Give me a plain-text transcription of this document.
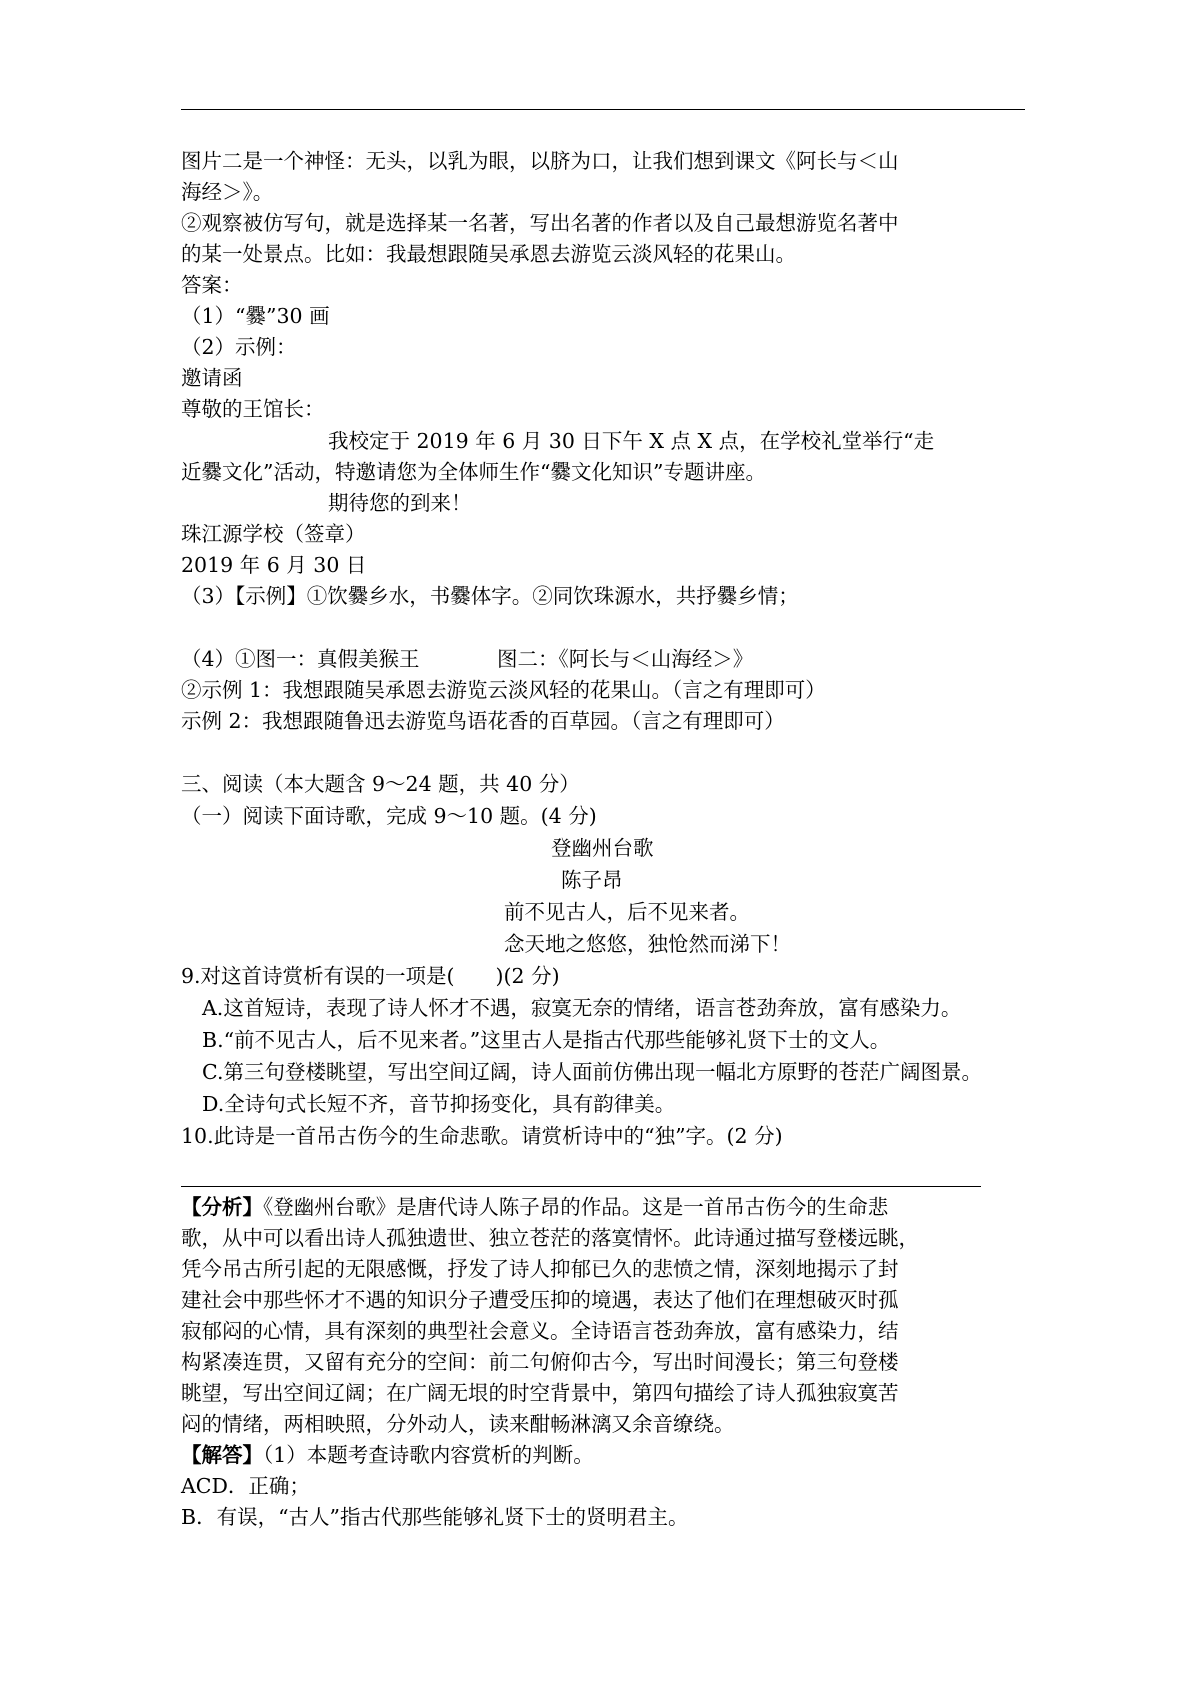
图片二是一个神怪：无头，以乳为眼，以脐为口，让我们想到课文《阿长与＜山
海经＞》。
②观察被仿写句，就是选择某一名著，写出名著的作者以及自己最想游览名著中
的某一处景点。比如：我最想跟随吴承恩去游览云淡风轻的花果山。
答案：
（1）“爨”30 画
（2）示例：
邀请函
尊敬的王馆长：
我校定于 2019 年 6 月 30 日下午 X 点 X 点，在学校礼堂举行“走
近爨文化”活动，特邀请您为全体师生作“爨文化知识”专题讲座。
期待您的到来！
珠江源学校（签章）
2019 年 6 月 30 日
（3）【示例】①饮爨乡水，书爨体字。②同饮珠源水，共抒爨乡情；
（4）①图一：真假美猴王	图二：《阿长与＜山海经＞》
②示例 1：我想跟随吴承恩去游览云淡风轻的花果山。（言之有理即可）
示例 2：我想跟随鲁迅去游览鸟语花香的百草园。（言之有理即可）
三、阅读（本大题含 9～24 题，共 40 分）
（一）阅读下面诗歌，完成 9～10 题。(4 分)
登幽州台歌
陈子昂
前不见古人，后不见来者。
念天地之悠悠，独怆然而涕下！
9.对这首诗赏析有误的一项是(　　)(2 分)
A.这首短诗，表现了诗人怀才不遇，寂寞无奈的情绪，语言苍劲奔放，富有感染力。
B.“前不见古人，后不见来者。”这里古人是指古代那些能够礼贤下士的文人。
C.第三句登楼眺望，写出空间辽阔，诗人面前仿佛出现一幅北方原野的苍茫广阔图景。
D.全诗句式长短不齐，音节抑扬变化，具有韵律美。
10.此诗是一首吊古伤今的生命悲歌。请赏析诗中的“独”字。(2 分)
【分析】《登幽州台歌》是唐代诗人陈子昂的作品。这是一首吊古伤今的生命悲
歌，从中可以看出诗人孤独遗世、独立苍茫的落寞情怀。此诗通过描写登楼远眺，
凭今吊古所引起的无限感慨，抒发了诗人抑郁已久的悲愤之情，深刻地揭示了封
建社会中那些怀才不遇的知识分子遭受压抑的境遇，表达了他们在理想破灭时孤
寂郁闷的心情，具有深刻的典型社会意义。全诗语言苍劲奔放，富有感染力，结
构紧凑连贯，又留有充分的空间：前二句俯仰古今，写出时间漫长；第三句登楼
眺望，写出空间辽阔；在广阔无垠的时空背景中，第四句描绘了诗人孤独寂寞苦
闷的情绪，两相映照，分外动人，读来酣畅淋漓又余音缭绕。
【解答】（1）本题考查诗歌内容赏析的判断。
ACD．正确；
B．有误，“古人”指古代那些能够礼贤下士的贤明君主。
